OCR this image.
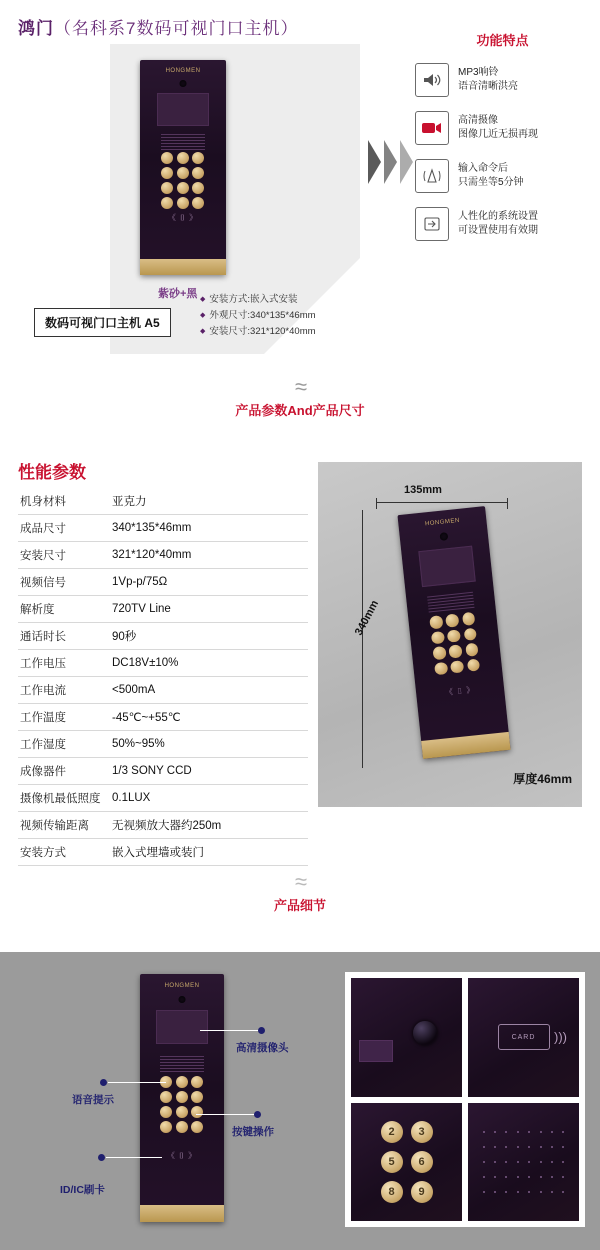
鸿门（名科系7数码可视门口主机）
HONGMEN
《 ⌷ 》
紫砂+黑
数码可视门口主机 A5
◆ 安装方式:嵌入式安装
◆ 外观尺寸:340*135*46mm
◆ 安装尺寸:321*120*40mm
功能特点
MP3响铃
语音清晰洪亮
高清摄像
图像几近无损再现
输入命令后
只需坐等5分钟
人性化的系统设置
可设置使用有效期
≈
产品参数And产品尺寸
性能参数
机身材料	亚克力
成品尺寸	340*135*46mm
安装尺寸	321*120*40mm
视频信号	1Vp-p/75Ω
解析度	720TV Line
通话时长	90秒
工作电压	DC18V±10%
工作电流	<500mA
工作温度	-45℃~+55℃
工作湿度	50%~95%
成像器件	1/3 SONY CCD
摄像机最低照度	0.1LUX
视频传输距离	无视频放大器约250m
安装方式	嵌入式埋墙或装门
135mm
340mm
HONGMEN
《 ⌷ 》
厚度46mm
≈
产品细节
HONGMEN
《 ⌷ 》
高清摄像头
语音提示
按键操作
ID/IC刷卡
CARD	)))
2	3
5	6
8	9
